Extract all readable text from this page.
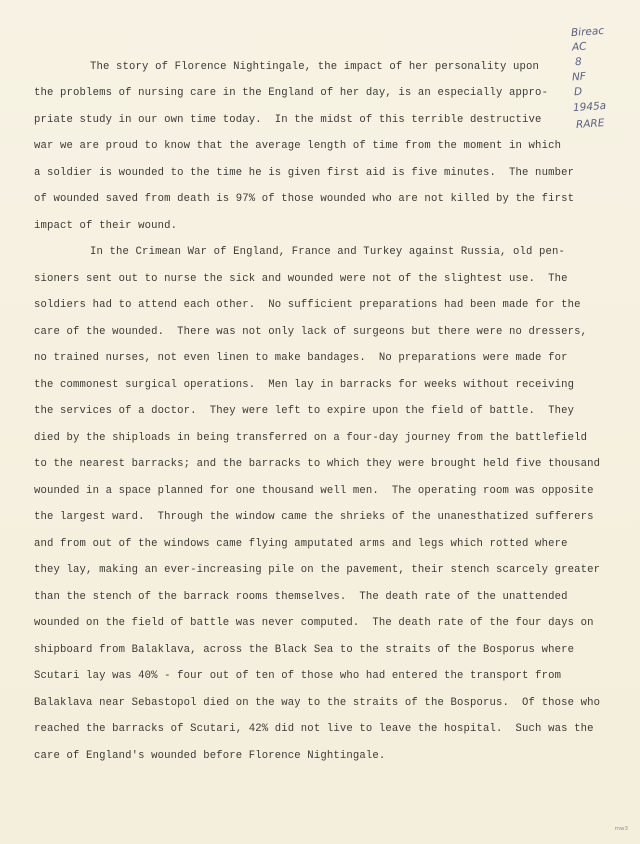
The story of Florence Nightingale, the impact of her personality upon
the problems of nursing care in the England of her day, is an especially appro-
priate study in our own time today.  In the midst of this terrible destructive
war we are proud to know that the average length of time from the moment in which
a soldier is wounded to the time he is given first aid is five minutes.  The number
of wounded saved from death is 97% of those wounded who are not killed by the first
impact of their wound.
In the Crimean War of England, France and Turkey against Russia, old pen-
sioners sent out to nurse the sick and wounded were not of the slightest use.  The
soldiers had to attend each other.  No sufficient preparations had been made for the
care of the wounded.  There was not only lack of surgeons but there were no dressers,
no trained nurses, not even linen to make bandages.  No preparations were made for
the commonest surgical operations.  Men lay in barracks for weeks without receiving
the services of a doctor.  They were left to expire upon the field of battle.  They
died by the shiploads in being transferred on a four-day journey from the battlefield
to the nearest barracks; and the barracks to which they were brought held five thousand
wounded in a space planned for one thousand well men.  The operating room was opposite
the largest ward.  Through the window came the shrieks of the unanesthatized sufferers
and from out of the windows came flying amputated arms and legs which rotted where
they lay, making an ever-increasing pile on the pavement, their stench scarcely greater
than the stench of the barrack rooms themselves.  The death rate of the unattended
wounded on the field of battle was never computed.  The death rate of the four days on
shipboard from Balaklava, across the Black Sea to the straits of the Bosporus where
Scutari lay was 40% - four out of ten of those who had entered the transport from
Balaklava near Sebastopol died on the way to the straits of the Bosporus.  Of those who
reached the barracks of Scutari, 42% did not live to leave the hospital.  Such was the
care of England's wounded before Florence Nightingale.
Bireac
AC
8
NF
D
1945a
RARE
mw3
